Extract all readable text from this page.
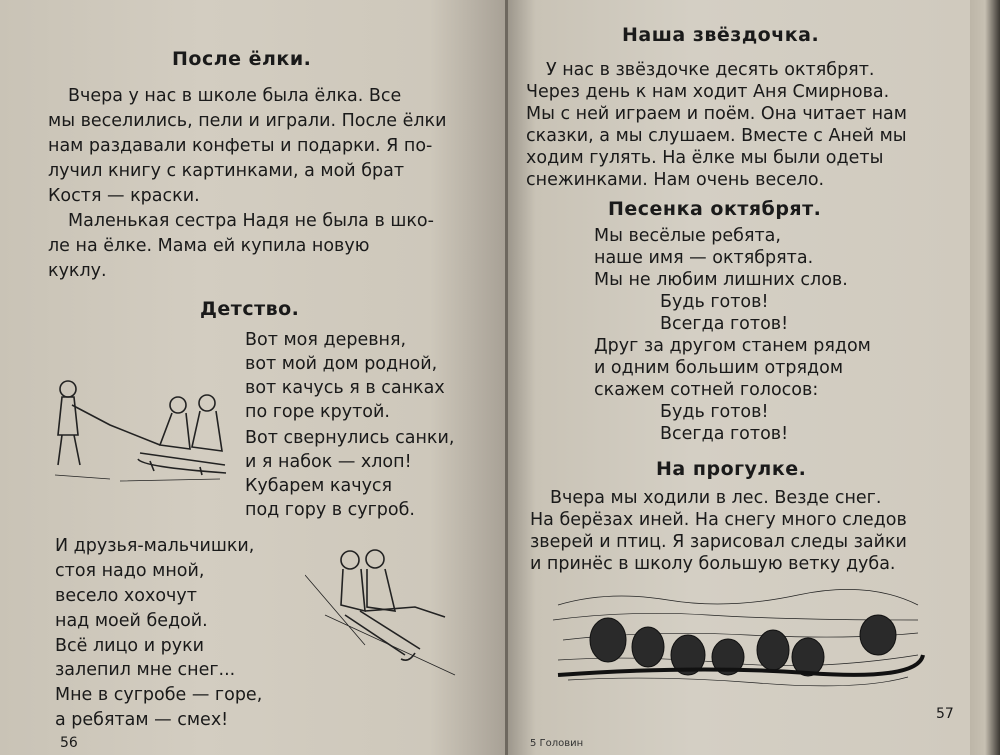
После ёлки.
Вчера у нас в школе была ёлка. Все
мы веселились, пели и играли. После ёлки
нам раздавали конфеты и подарки. Я по-
лучил книгу с картинками, а мой брат
Костя — краски.
Маленькая сестра Надя не была в шко-
ле на ёлке. Мама ей купила новую
куклу.
Детство.
Вот моя деревня,
вот мой дом родной,
вот качусь я в санках
по горе крутой.
Вот свернулись санки,
и я набок — хлоп!
Кубарем качуся
под гору в сугроб.
И друзья-мальчишки,
стоя надо мной,
весело хохочут
над моей бедой.
Всё лицо и руки
залепил мне снег...
Мне в сугробе — горе,
а ребятам — смех!
56
Наша звёздочка.
У нас в звёздочке десять октябрят.
Через день к нам ходит Аня Смирнова.
Мы с ней играем и поём. Она читает нам
сказки, а мы слушаем. Вместе с Аней мы
ходим гулять. На ёлке мы были одеты
снежинками. Нам очень весело.
Песенка октябрят.
Мы весёлые ребята,
наше имя — октябрята.
Мы не любим лишних слов.
Будь готов!
Всегда готов!
Друг за другом станем рядом
и одним большим отрядом
скажем сотней голосов:
Будь готов!
Всегда готов!
На прогулке.
Вчера мы ходили в лес. Везде снег.
На берёзах иней. На снегу много следов
зверей и птиц. Я зарисовал следы зайки
и принёс в школу большую ветку дуба.
5 Головин
57
